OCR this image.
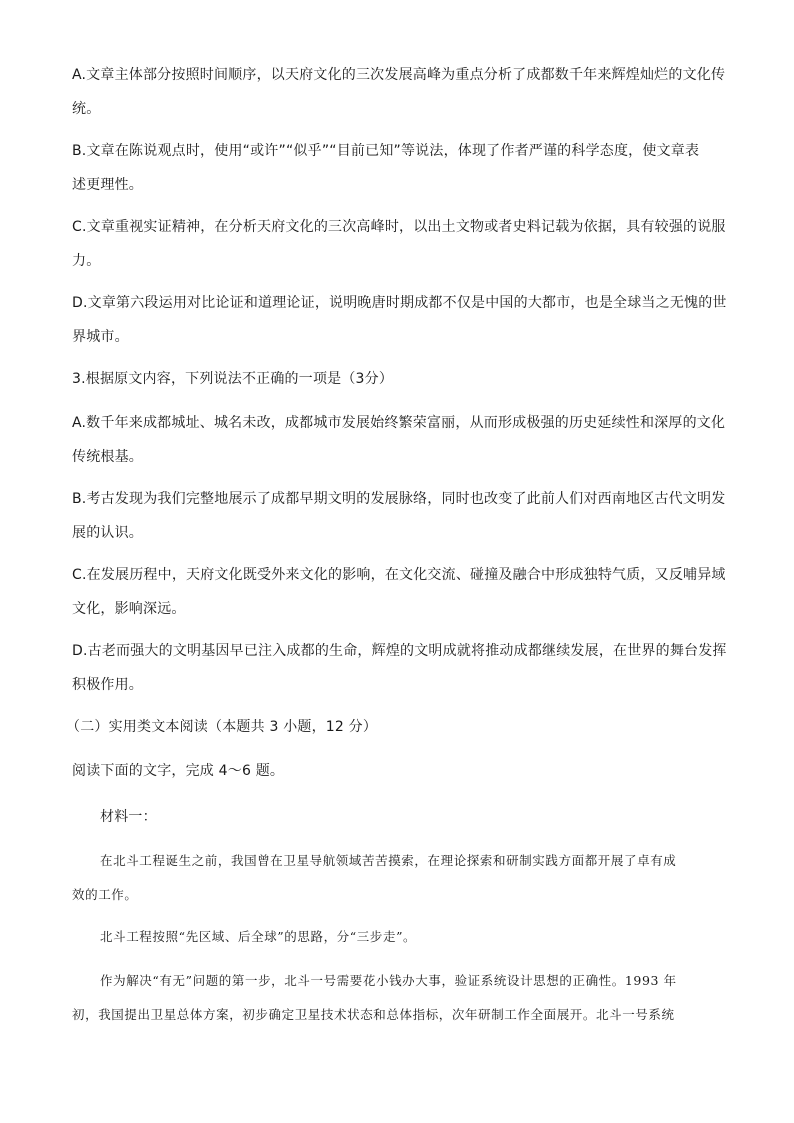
A.文章主体部分按照时间顺序，以天府文化的三次发展高峰为重点分析了成都数千年来辉煌灿烂的文化传
统。

B.文章在陈说观点时，使用“或许”“似乎”“目前已知”等说法，体现了作者严谨的科学态度，使文章表
述更理性。

C.文章重视实证精神，在分析天府文化的三次高峰时，以出土文物或者史料记载为依据，具有较强的说服
力。

D.文章第六段运用对比论证和道理论证，说明晚唐时期成都不仅是中国的大都市，也是全球当之无愧的世
界城市。

3.根据原文内容，下列说法不正确的一项是（3分）

A.数千年来成都城址、城名未改，成都城市发展始终繁荣富丽，从而形成极强的历史延续性和深厚的文化
传统根基。

B.考古发现为我们完整地展示了成都早期文明的发展脉络，同时也改变了此前人们对西南地区古代文明发
展的认识。

C.在发展历程中，天府文化既受外来文化的影响，在文化交流、碰撞及融合中形成独特气质，又反哺异域
文化，影响深远。

D.古老而强大的文明基因早已注入成都的生命，辉煌的文明成就将推动成都继续发展，在世界的舞台发挥
积极作用。

（二）实用类文本阅读（本题共 3 小题，12 分）

阅读下面的文字，完成 4～6 题。

材料一：

在北斗工程诞生之前，我国曾在卫星导航领域苦苦摸索，在理论探索和研制实践方面都开展了卓有成
效的工作。

北斗工程按照“先区域、后全球”的思路，分“三步走”。

作为解决“有无”问题的第一步，北斗一号需要花小钱办大事，验证系统设计思想的正确性。1993 年
初，我国提出卫星总体方案，初步确定卫星技术状态和总体指标，次年研制工作全面展开。北斗一号系统
